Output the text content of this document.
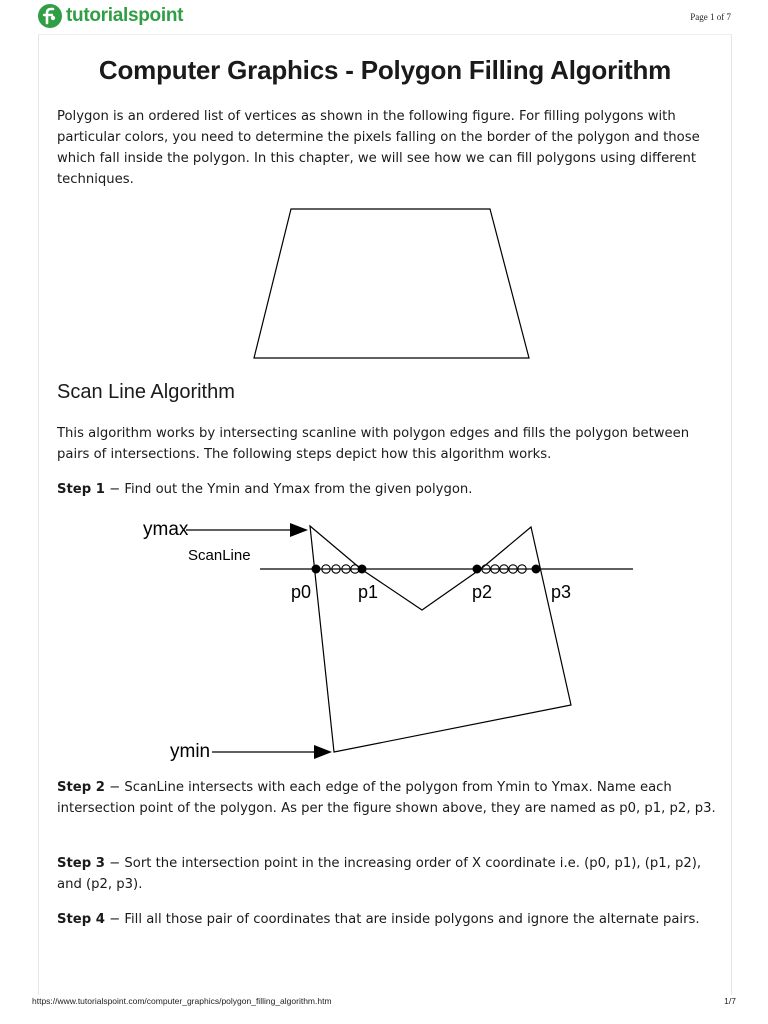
tutorialspoint	Page 1 of 7
Computer Graphics - Polygon Filling Algorithm

Polygon is an ordered list of vertices as shown in the following figure. For filling polygons with particular colors, you need to determine the pixels falling on the border of the polygon and those which fall inside the polygon. In this chapter, we will see how we can fill polygons using different techniques.

Scan Line Algorithm

This algorithm works by intersecting scanline with polygon edges and fills the polygon between pairs of intersections. The following steps depict how this algorithm works.

Step 1 − Find out the Ymin and Ymax from the given polygon.

ymax
ScanLine
p0	p1	p2	p3
ymin

Step 2 − ScanLine intersects with each edge of the polygon from Ymin to Ymax. Name each intersection point of the polygon. As per the figure shown above, they are named as p0, p1, p2, p3.

Step 3 − Sort the intersection point in the increasing order of X coordinate i.e. (p0, p1), (p1, p2), and (p2, p3).

Step 4 − Fill all those pair of coordinates that are inside polygons and ignore the alternate pairs.

https://www.tutorialspoint.com/computer_graphics/polygon_filling_algorithm.htm	1/7
